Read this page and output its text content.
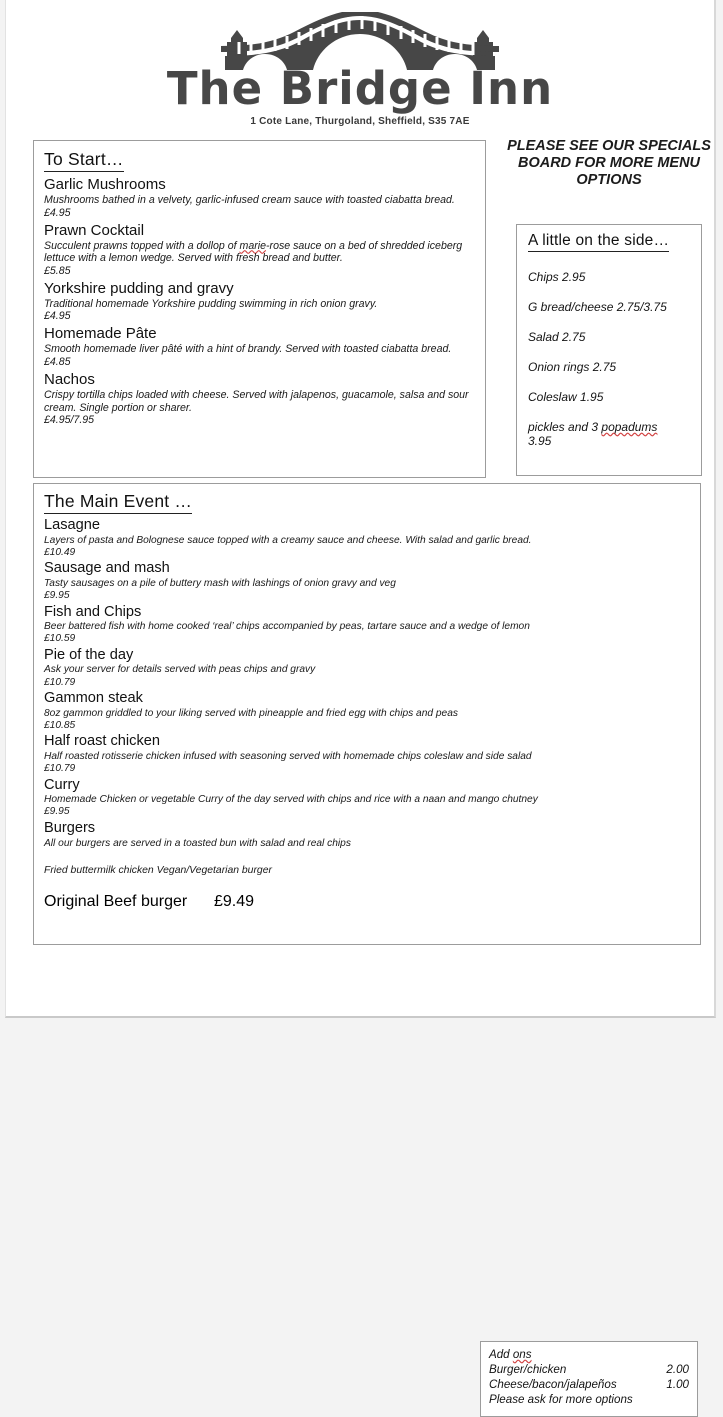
The Bridge Inn
1 Cote Lane, Thurgoland, Sheffield, S35 7AE
To Start…
Garlic Mushrooms
Mushrooms bathed in a velvety, garlic-infused cream sauce with toasted ciabatta bread.
£4.95
Prawn Cocktail
Succulent prawns topped with a dollop of marie-rose sauce on a bed of shredded iceberg lettuce with a lemon wedge. Served with fresh bread and butter.
£5.85
Yorkshire pudding and gravy
Traditional homemade Yorkshire pudding swimming in rich onion gravy.
£4.95
Homemade Pâte
Smooth homemade liver pâté with a hint of brandy. Served with toasted ciabatta bread.
£4.85
Nachos
Crispy tortilla chips loaded with cheese. Served with jalapenos, guacamole, salsa and sour cream. Single portion or sharer.
£4.95/7.95
PLEASE SEE OUR SPECIALS BOARD FOR MORE MENU OPTIONS
A little on the side…
Chips 2.95
G bread/cheese 2.75/3.75
Salad 2.75
Onion rings 2.75
Coleslaw 1.95
pickles and 3 popadums
3.95
The Main Event …
Lasagne
Layers of pasta and Bolognese sauce topped with a creamy sauce and cheese. With salad and garlic bread.
£10.49
Sausage and mash
Tasty sausages on a pile of buttery mash with lashings of onion gravy and veg
£9.95
Fish and Chips
Beer battered fish with home cooked ‘real’ chips accompanied by peas, tartare sauce and a wedge of lemon
£10.59
Pie of the day
Ask your server for details served with peas chips and gravy
£10.79
Gammon steak
8oz gammon griddled to your liking served with pineapple and fried egg with chips and peas
£10.85
Half roast chicken
Half roasted rotisserie chicken infused with seasoning served with homemade chips coleslaw and side salad
£10.79
Curry
Homemade Chicken or vegetable Curry of the day served with chips and rice with a naan and mango chutney
£9.95
Burgers
All our burgers are served in a toasted bun with salad and real chips
Fried buttermilk chicken Vegan/Vegetarian burger
Original Beef burger	£9.49
Add ons
Burger/chicken	2.00
Cheese/bacon/jalapeños	1.00
Please ask for more options
